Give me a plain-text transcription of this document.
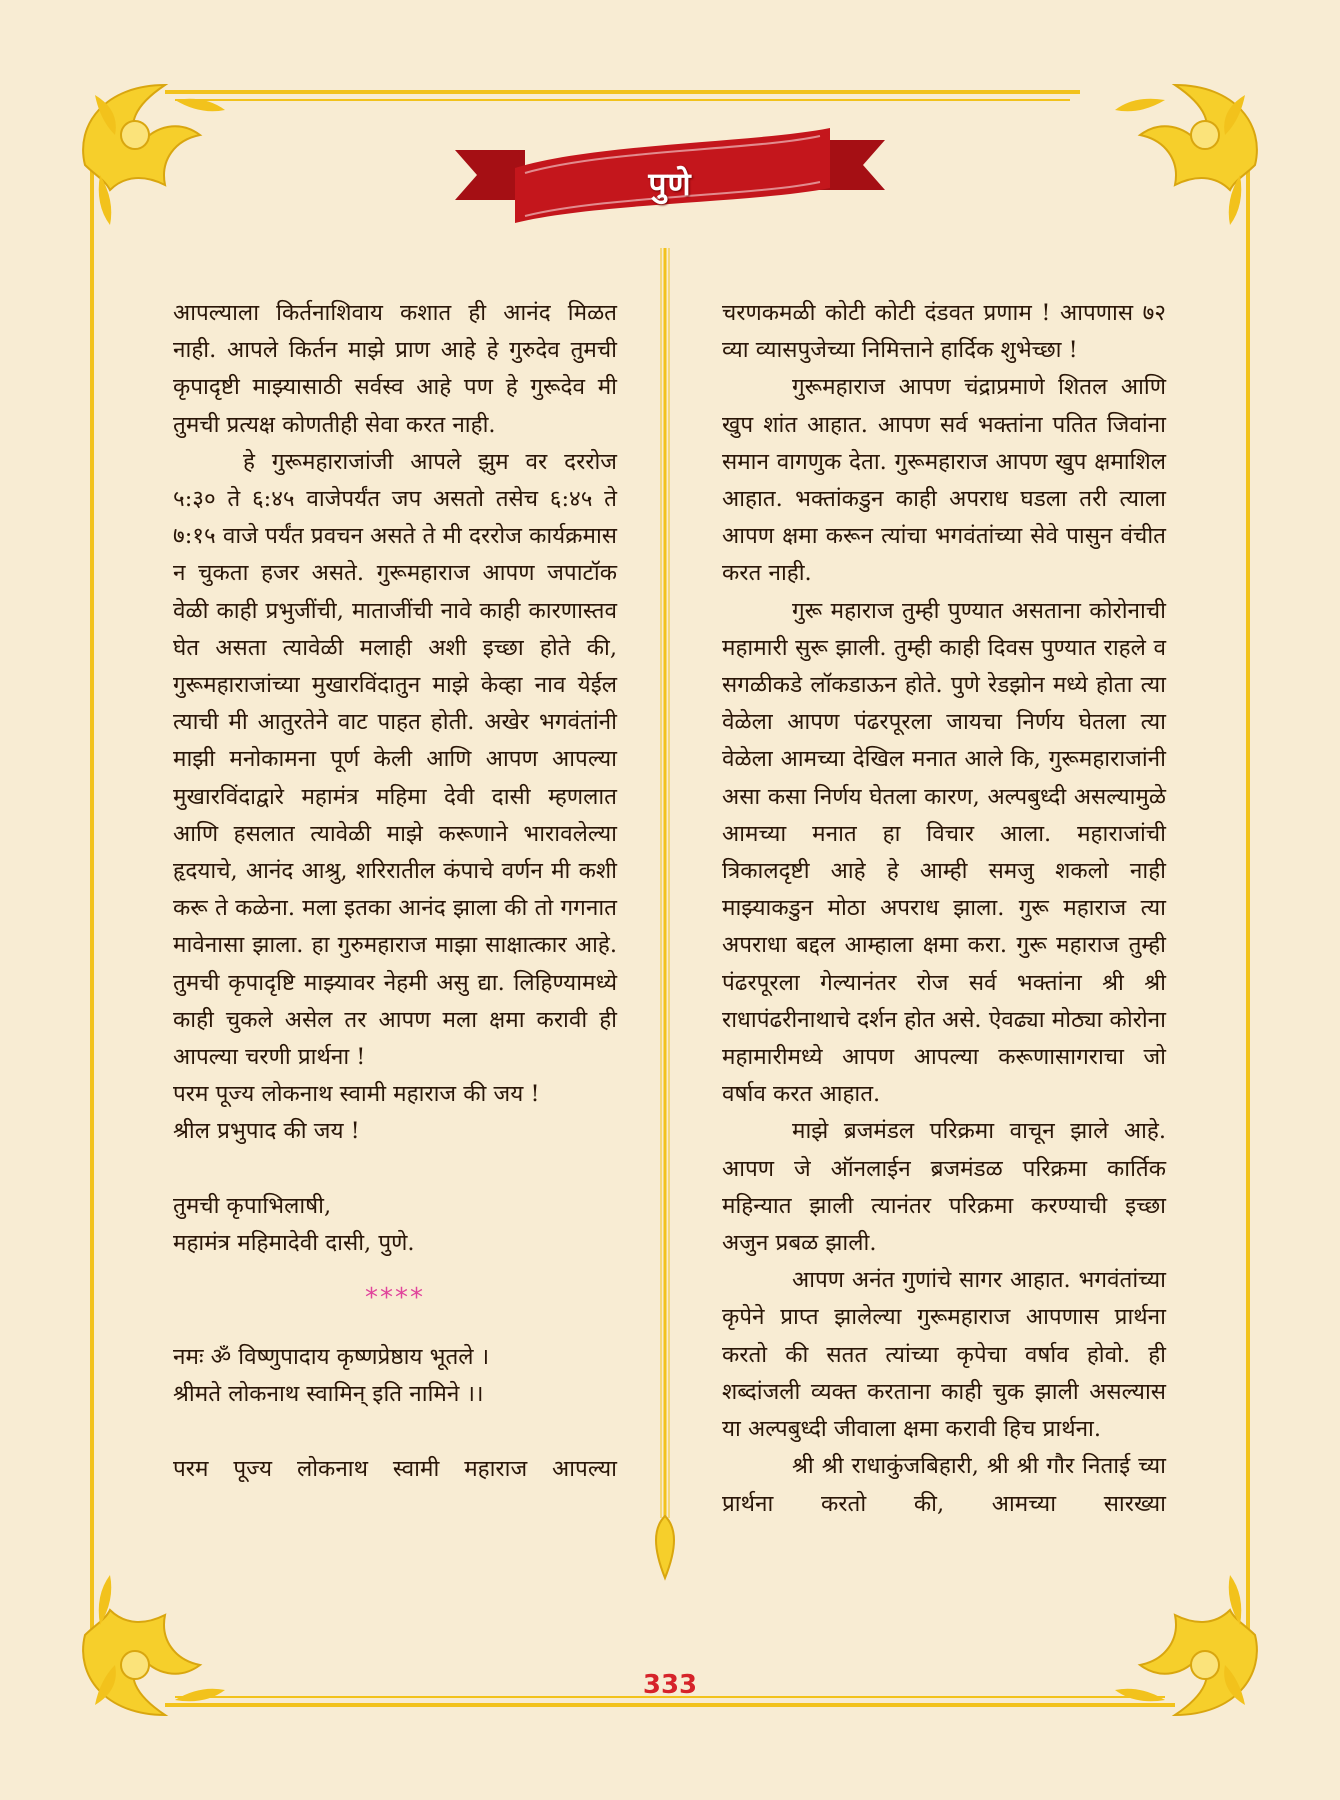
पुणे

आपल्याला किर्तनाशिवाय कशात ही आनंद मिळत नाही. आपले किर्तन माझे प्राण आहे हे गुरुदेव तुमची कृपादृष्टी माझ्यासाठी सर्वस्व आहे पण हे गुरूदेव मी तुमची प्रत्यक्ष कोणतीही सेवा करत नाही.

हे गुरूमहाराजांजी आपले झुम वर दररोज ५:३० ते ६:४५ वाजेपर्यंत जप असतो तसेच ६:४५ ते ७:१५ वाजे पर्यंत प्रवचन असते ते मी दररोज कार्यक्रमास न चुकता हजर असते. गुरूमहाराज आपण जपाटॉक वेळी काही प्रभुजींची, माताजींची नावे काही कारणास्तव घेत असता त्यावेळी मलाही अशी इच्छा होते की, गुरूमहाराजांच्या मुखारविंदातुन माझे केव्हा नाव येईल त्याची मी आतुरतेने वाट पाहत होती. अखेर भगवंतांनी माझी मनोकामना पूर्ण केली आणि आपण आपल्या मुखारविंदाद्वारे महामंत्र महिमा देवी दासी म्हणलात आणि हसलात त्यावेळी माझे करूणाने भारावलेल्या हृदयाचे, आनंद आश्रु, शरिरातील कंपाचे वर्णन मी कशी करू ते कळेना. मला इतका आनंद झाला की तो गगनात मावेनासा झाला. हा गुरुमहाराज माझा साक्षात्कार आहे. तुमची कृपादृष्टि माझ्यावर नेहमी असु द्या. लिहिण्यामध्ये काही चुकले असेल तर आपण मला क्षमा करावी ही आपल्या चरणी प्रार्थना !

परम पूज्य लोकनाथ स्वामी महाराज की जय !

श्रील प्रभुपाद की जय !

तुमची कृपाभिलाषी,

महामंत्र महिमादेवी दासी, पुणे.

****

नमः ॐ विष्णुपादाय कृष्णप्रेष्ठाय भूतले ।

श्रीमते लोकनाथ स्वामिन् इति नामिने ।।

परम पूज्य लोकनाथ स्वामी महाराज आपल्या

चरणकमळी कोटी कोटी दंडवत प्रणाम ! आपणास ७२ व्या व्यासपुजेच्या निमित्ताने हार्दिक शुभेच्छा !

गुरूमहाराज आपण चंद्राप्रमाणे शितल आणि खुप शांत आहात. आपण सर्व भक्तांना पतित जिवांना समान वागणुक देता. गुरूमहाराज आपण खुप क्षमाशिल आहात. भक्तांकडुन काही अपराध घडला तरी त्याला आपण क्षमा करून त्यांचा भगवंतांच्या सेवे पासुन वंचीत करत नाही.

गुरू महाराज तुम्ही पुण्यात असताना कोरोनाची महामारी सुरू झाली. तुम्ही काही दिवस पुण्यात राहले व सगळीकडे लॉकडाऊन होते. पुणे रेडझोन मध्ये होता त्या वेळेला आपण पंढरपूरला जायचा निर्णय घेतला त्या वेळेला आमच्या देखिल मनात आले कि, गुरूमहाराजांनी असा कसा निर्णय घेतला कारण, अल्पबुध्दी असल्यामुळे आमच्या मनात हा विचार आला. महाराजांची त्रिकालदृष्टी आहे हे आम्ही समजु शकलो नाही माझ्याकडुन मोठा अपराध झाला. गुरू महाराज त्या अपराधा बद्दल आम्हाला क्षमा करा. गुरू महाराज तुम्ही पंढरपूरला गेल्यानंतर रोज सर्व भक्तांना श्री श्री राधापंढरीनाथाचे दर्शन होत असे. ऐवढ्या मोठ्या कोरोना महामारीमध्ये आपण आपल्या करूणासागराचा जो वर्षाव करत आहात.

माझे ब्रजमंडल परिक्रमा वाचून झाले आहे. आपण जे ऑनलाईन ब्रजमंडळ परिक्रमा कार्तिक महिन्यात झाली त्यानंतर परिक्रमा करण्याची इच्छा अजुन प्रबळ झाली.

आपण अनंत गुणांचे सागर आहात. भगवंतांच्या कृपेने प्राप्त झालेल्या गुरूमहाराज आपणास प्रार्थना करतो की सतत त्यांच्या कृपेचा वर्षाव होवो. ही शब्दांजली व्यक्त करताना काही चुक झाली असल्यास या अल्पबुध्दी जीवाला क्षमा करावी हिच प्रार्थना.

श्री श्री राधाकुंजबिहारी, श्री श्री गौर निताई च्या प्रार्थना करतो की, आमच्या सारख्या

333
